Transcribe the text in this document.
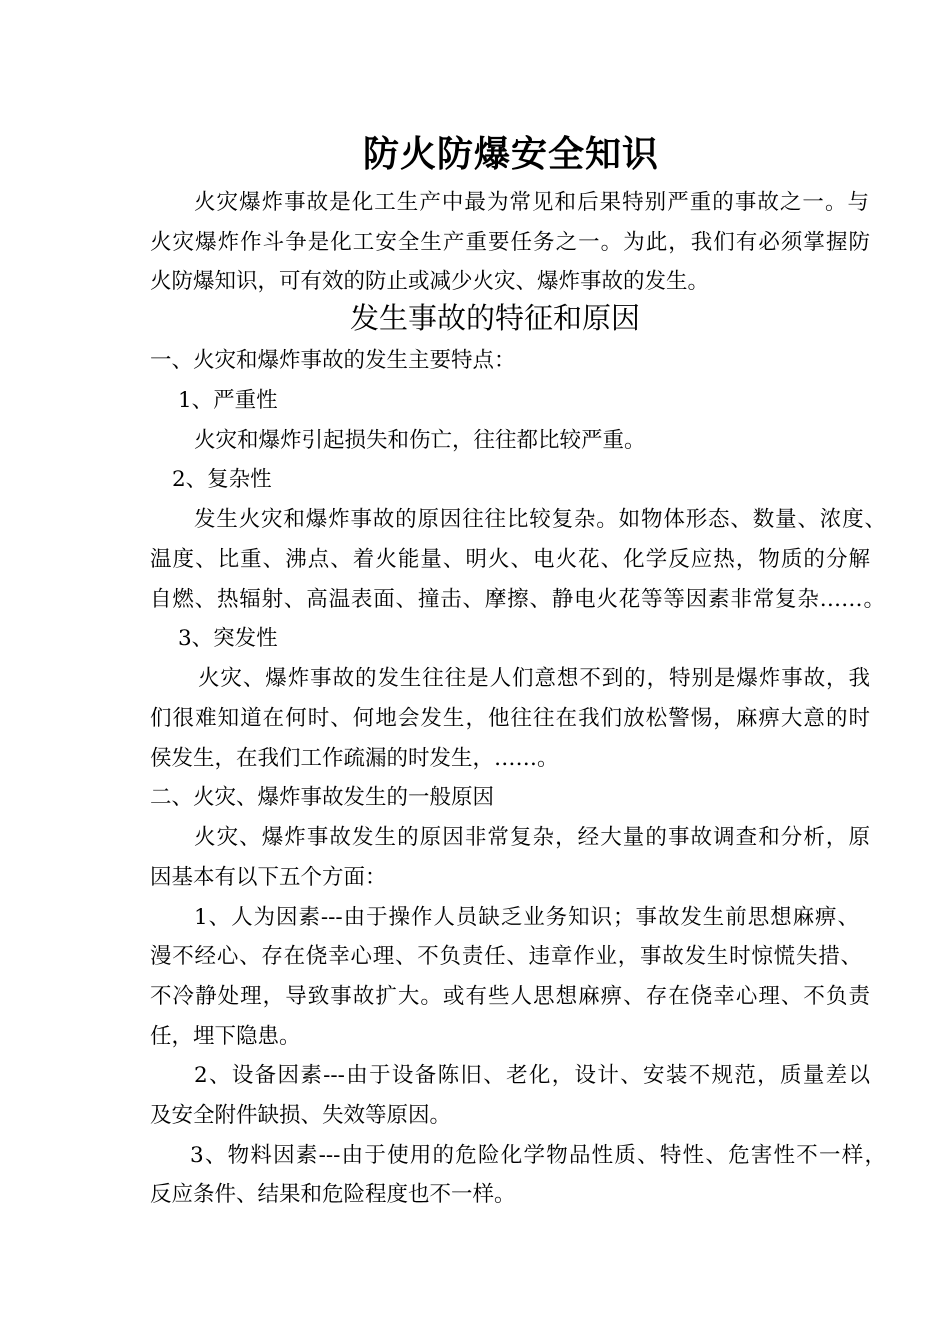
防火防爆安全知识
火灾爆炸事故是化工生产中最为常见和后果特别严重的事故之一。与
火灾爆炸作斗争是化工安全生产重要任务之一。为此，我们有必须掌握防
火防爆知识，可有效的防止或减少火灾、爆炸事故的发生。
发生事故的特征和原因
一、火灾和爆炸事故的发生主要特点：
1、严重性
火灾和爆炸引起损失和伤亡，往往都比较严重。
2、复杂性
发生火灾和爆炸事故的原因往往比较复杂。如物体形态、数量、浓度、
温度、比重、沸点、着火能量、明火、电火花、化学反应热，物质的分解
自燃、热辐射、高温表面、撞击、摩擦、静电火花等等因素非常复杂……。
3、突发性
火灾、爆炸事故的发生往往是人们意想不到的，特别是爆炸事故，我
们很难知道在何时、何地会发生，他往往在我们放松警惕，麻痹大意的时
侯发生，在我们工作疏漏的时发生，……。
二、火灾、爆炸事故发生的一般原因
火灾、爆炸事故发生的原因非常复杂，经大量的事故调查和分析，原
因基本有以下五个方面：
1、人为因素---由于操作人员缺乏业务知识；事故发生前思想麻痹、
漫不经心、存在侥幸心理、不负责任、违章作业，事故发生时惊慌失措、
不冷静处理，导致事故扩大。或有些人思想麻痹、存在侥幸心理、不负责
任，埋下隐患。
2、设备因素---由于设备陈旧、老化，设计、安装不规范，质量差以
及安全附件缺损、失效等原因。
3、物料因素---由于使用的危险化学物品性质、特性、危害性不一样，
反应条件、结果和危险程度也不一样。
